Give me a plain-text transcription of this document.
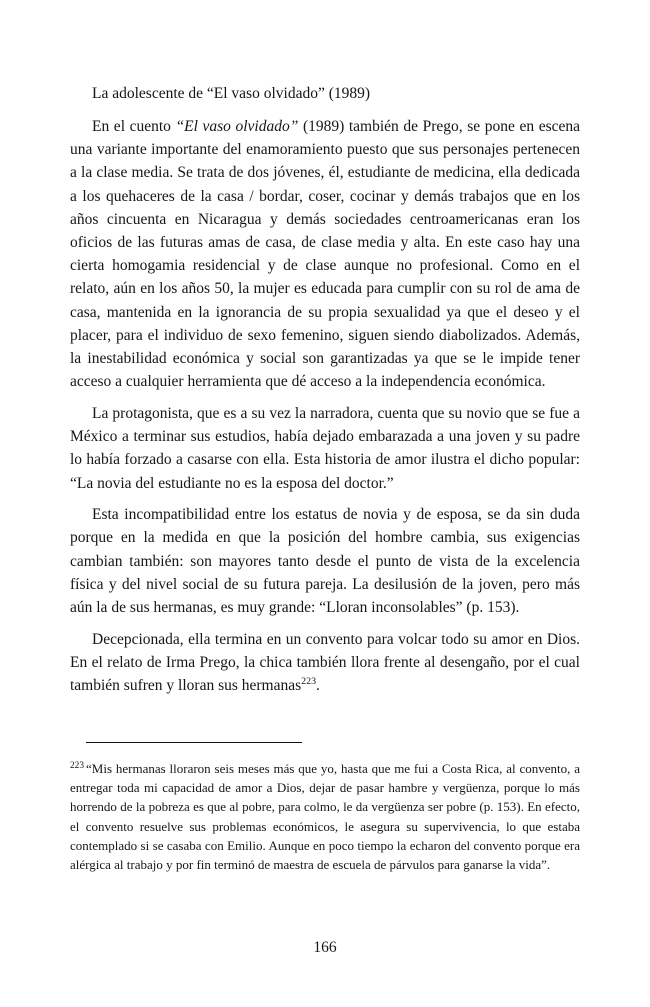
La adolescente de “El vaso olvidado” (1989)

En el cuento “El vaso olvidado” (1989) también de Prego, se pone en escena una variante importante del enamoramiento puesto que sus personajes pertenecen a la clase media. Se trata de dos jóvenes, él, estudiante de medicina, ella dedicada a los quehaceres de la casa / bordar, coser, cocinar y demás trabajos que en los años cincuenta en Nicaragua y demás sociedades centroamericanas eran los oficios de las futuras amas de casa, de clase media y alta. En este caso hay una cierta homogamia residencial y de clase aunque no profesional. Como en el relato, aún en los años 50, la mujer es educada para cumplir con su rol de ama de casa, mantenida en la ignorancia de su propia sexualidad ya que el deseo y el placer, para el individuo de sexo femenino, siguen siendo diabolizados. Además, la inestabilidad económica y social son garantizadas ya que se le impide tener acceso a cualquier herramienta que dé acceso a la independencia económica.

La protagonista, que es a su vez la narradora, cuenta que su novio que se fue a México a terminar sus estudios, había dejado embarazada a una joven y su padre lo había forzado a casarse con ella. Esta historia de amor ilustra el dicho popular: “La novia del estudiante no es la esposa del doctor.”

Esta incompatibilidad entre los estatus de novia y de esposa, se da sin duda porque en la medida en que la posición del hombre cambia, sus exigencias cambian también: son mayores tanto desde el punto de vista de la excelencia física y del nivel social de su futura pareja. La desilusión de la joven, pero más aún la de sus hermanas, es muy grande: “Lloran inconsolables” (p. 153).

Decepcionada, ella termina en un convento para volcar todo su amor en Dios. En el relato de Irma Prego, la chica también llora frente al desengaño, por el cual también sufren y lloran sus hermanas$^{223}$.

$^{223}$ “Mis hermanas lloraron seis meses más que yo, hasta que me fui a Costa Rica, al convento, a entregar toda mi capacidad de amor a Dios, dejar de pasar hambre y vergüenza, porque lo más horrendo de la pobreza es que al pobre, para colmo, le da vergüenza ser pobre (p. 153). En efecto, el convento resuelve sus problemas económicos, le asegura su supervivencia, lo que estaba contemplado si se casaba con Emilio. Aunque en poco tiempo la echaron del convento porque era alérgica al trabajo y por fin terminó de maestra de escuela de párvulos para ganarse la vida”.

166
